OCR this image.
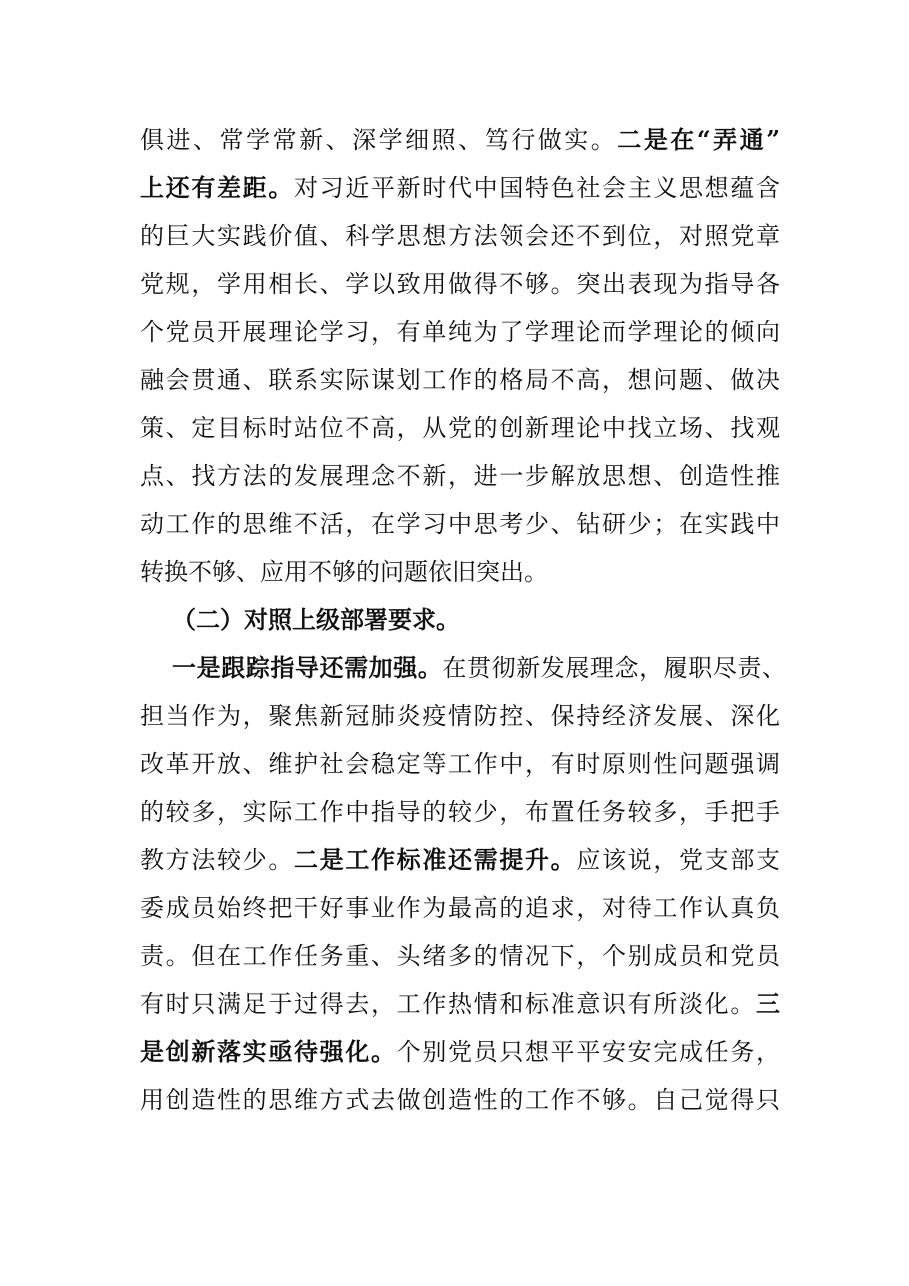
俱进、常学常新、深学细照、笃行做实。二是在“弄通”
上还有差距。对习近平新时代中国特色社会主义思想蕴含
的巨大实践价值、科学思想方法领会还不到位，对照党章
党规，学用相长、学以致用做得不够。突出表现为指导各
个党员开展理论学习，有单纯为了学理论而学理论的倾向
融会贯通、联系实际谋划工作的格局不高，想问题、做决
策、定目标时站位不高，从党的创新理论中找立场、找观
点、找方法的发展理念不新，进一步解放思想、创造性推
动工作的思维不活，在学习中思考少、钻研少；在实践中
转换不够、应用不够的问题依旧突出。
（二）对照上级部署要求。
一是跟踪指导还需加强。在贯彻新发展理念，履职尽责、
担当作为，聚焦新冠肺炎疫情防控、保持经济发展、深化
改革开放、维护社会稳定等工作中，有时原则性问题强调
的较多，实际工作中指导的较少，布置任务较多，手把手
教方法较少。二是工作标准还需提升。应该说，党支部支
委成员始终把干好事业作为最高的追求，对待工作认真负
责。但在工作任务重、头绪多的情况下，个别成员和党员
有时只满足于过得去，工作热情和标准意识有所淡化。三
是创新落实亟待强化。个别党员只想平平安安完成任务，
用创造性的思维方式去做创造性的工作不够。自己觉得只
